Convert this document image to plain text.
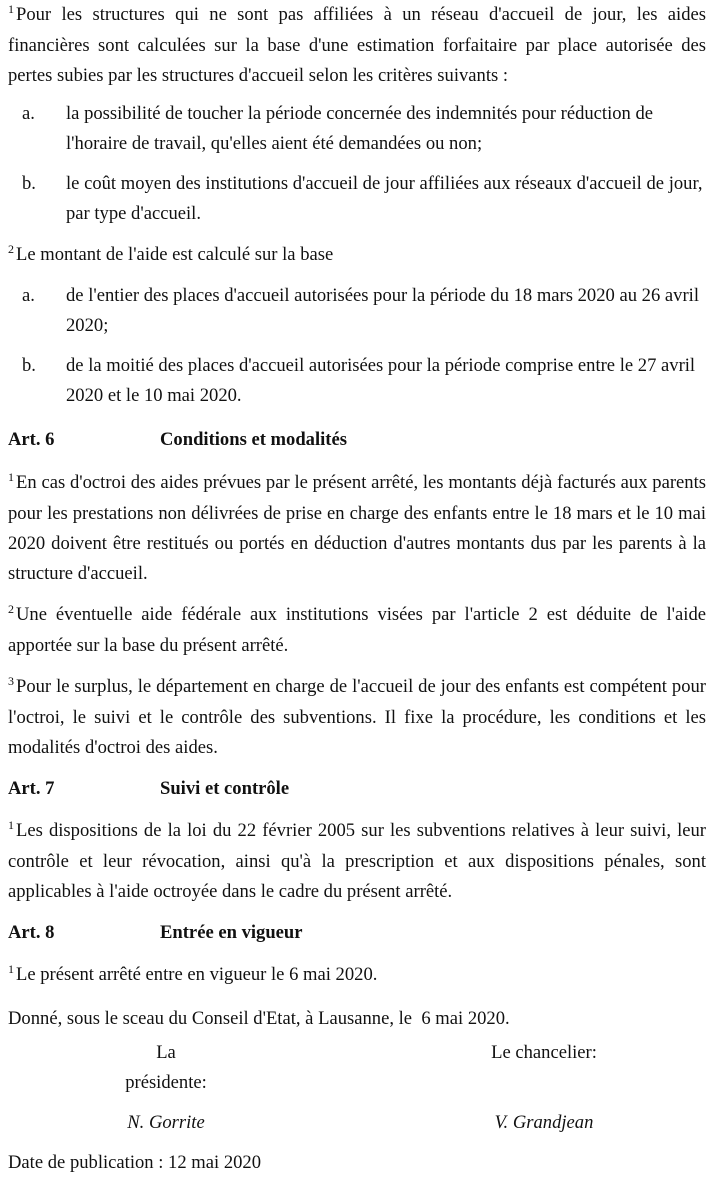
$^1$ Pour les structures qui ne sont pas affiliées à un réseau d'accueil de jour, les aides financières sont calculées sur la base d'une estimation forfaitaire par place autorisée des pertes subies par les structures d'accueil selon les critères suivants :

a.	la possibilité de toucher la période concernée des indemnités pour réduction de l'horaire de travail, qu'elles aient été demandées ou non;
b.	le coût moyen des institutions d'accueil de jour affiliées aux réseaux d'accueil de jour, par type d'accueil.

$^2$ Le montant de l'aide est calculé sur la base

a.	de l'entier des places d'accueil autorisées pour la période du 18 mars 2020 au 26 avril 2020;
b.	de la moitié des places d'accueil autorisées pour la période comprise entre le 27 avril 2020 et le 10 mai 2020.
Art. 6	Conditions et modalités

$^1$ En cas d'octroi des aides prévues par le présent arrêté, les montants déjà facturés aux parents pour les prestations non délivrées de prise en charge des enfants entre le 18 mars et le 10 mai 2020 doivent être restitués ou portés en déduction d'autres montants dus par les parents à la structure d'accueil.

$^2$ Une éventuelle aide fédérale aux institutions visées par l'article 2 est déduite de l'aide apportée sur la base du présent arrêté.

$^3$ Pour le surplus, le département en charge de l'accueil de jour des enfants est compétent pour l'octroi, le suivi et le contrôle des subventions. Il fixe la procédure, les conditions et les modalités d'octroi des aides.

Art. 7	Suivi et contrôle

$^1$ Les dispositions de la loi du 22 février 2005 sur les subventions relatives à leur suivi, leur contrôle et leur révocation, ainsi qu'à la prescription et aux dispositions pénales, sont applicables à l'aide octroyée dans le cadre du présent arrêté.

Art. 8	Entrée en vigueur

$^1$ Le présent arrêté entre en vigueur le 6 mai 2020.

Donné, sous le sceau du Conseil d'Etat, à Lausanne, le  6 mai 2020.

La présidente:
Le chancelier:
N. Gorrite	V. Grandjean

Date de publication : 12 mai 2020
